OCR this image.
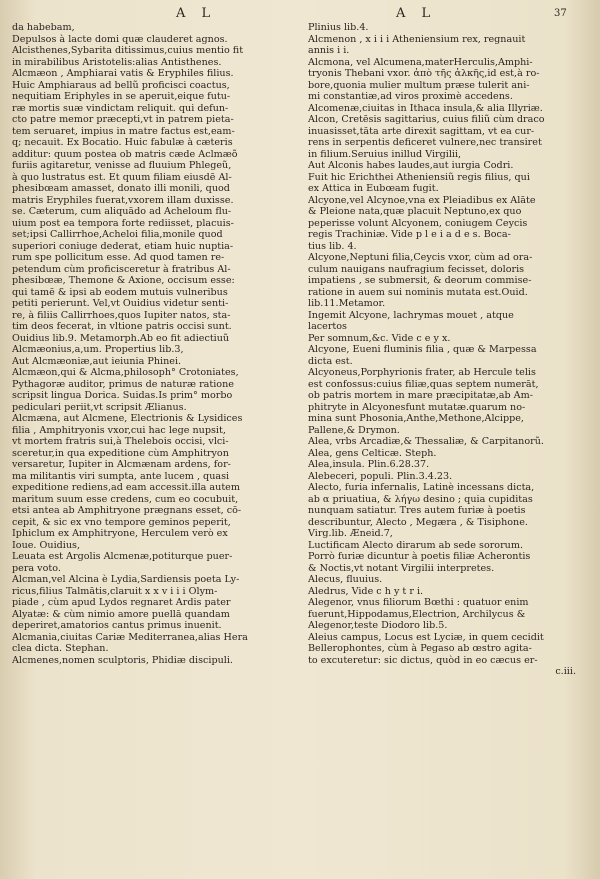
A L	A L	37
da habebam,
Depulsos à lacte domi quæ clauderet agnos.
Alcisthenes,Sybarita ditissimus,cuius mentio fit
in mirabilibus Aristotelis:alias Antisthenes.
Alcmæon , Amphiarai vatis & Eryphiles filius.
Huic Amphiaraus ad bellũ proficisci coactus,
nequitiam Eriphyles in se aperuit,eique futu-
ræ mortis suæ vindictam reliquit. qui defun-
cto patre memor præcepti,vt in patrem pieta-
tem seruaret, impius in matre factus est,eam-
q; necauit. Ex Bocatio. Huic fabulæ à cæteris
additur: quum postea ob matris cæde Aclmæõ
furiis agitaretur, venisse ad fluuium Phlegeũ,
à quo lustratus est. Et quum filiam eiusdē Al-
phesibœam amasset, donato illi monili, quod
matris Eryphiles fuerat,vxorem illam duxisse.
se. Cæterum, cum aliquādo ad Acheloum flu-
uium post ea tempora forte rediisset, placuis-
set;ipsi Callirrhoe,Acheloi filia,monile quod
superiori coniuge dederat, etiam huic nuptia-
rum spe pollicitum esse. Ad quod tamen re-
petendum cùm proficisceretur à fratribus Al-
phesibœæ, Themone & Axione, occisum esse:
qui tamē & ipsi ab eodem mutuis vulneribus
petiti perierunt. Vel,vt Ouidius videtur senti-
re, à filiis Callirrhoes,quos Iupiter natos, sta-
tim deos fecerat, in vltione patris occisi sunt.
Ouidius lib.9. Metamorph.Ab eo fit adiectiuũ
Alcmæonius,a,um. Propertius lib.3,
Aut Alcmæoniæ,aut ieiunia Phinei.
Alcmæon,qui & Alcma,philosoph° Crotoniates,
Pythagoræ auditor, primus de naturæ ratione
scripsit lingua Dorica. Suidas.Is prim° morbo
pediculari periit,vt scripsit Ælianus.
Alcmæna, aut Alcmene, Electrionis & Lysidices
filia , Amphitryonis vxor,cui hac lege nupsit,
vt mortem fratris sui,à Thelebois occisi, vlci-
sceretur,in qua expeditione cùm Amphitryon
versaretur, Iupiter in Alcmænam ardens, for-
ma militantis viri sumpta, ante lucem , quasi
expeditione rediens,ad eam accessit.illa autem
maritum suum esse credens, cum eo cocubuit,
etsi antea ab Amphitryone prægnans esset, cō-
cepit, & sic ex vno tempore geminos peperit,
Iphiclum ex Amphitryone, Herculem verò ex
Ioue. Ouidius,
Leuata est Argolis Alcmenæ,potiturque puer-
pera voto.
Alcman,vel Alcina è Lydia,Sardiensis poeta Ly-
ricus,filius Talmātis,claruit x x v i i i Olym-
piade , cùm apud Lydos regnaret Ardis pater
Alyatæ: & cùm nimio amore puellā quandam
deperiret,amatorios cantus primus inuenit.
Alcmania,ciuitas Cariæ Mediterranea,alias Hera
clea dicta. Stephan.
Alcmenes,nomen sculptoris, Phidiæ discipuli.
Plinius lib.4.
Alcmenon , x i i i Atheniensium rex, regnauit
annis i i.
Alcmona, vel Alcumena,materHerculis,Amphi-
tryonis Thebani vxor. ἀπὸ τῆς ἀλκῆς,id est,à ro-
bore,quonia mulier multum præse tulerit ani-
mi constantiæ,ad viros proximè accedens.
Alcomenæ,ciuitas in Ithaca insula,& alia Illyriæ.
Alcon, Cretēsis sagittarius, cuius filiũ cùm draco
inuasisset,tāta arte direxit sagittam, vt ea cur-
rens in serpentis deficeret vulnere,nec transiret
in filium.Seruius inillud Virgilii,
Aut Alconis habes laudes,aut iurgia Codri.
Fuit hic Erichthei Atheniensiũ regis filius, qui
ex Attica in Eubœam fugit.
Alcyone,vel Alcynoe,vna ex Pleiadibus ex Alāte
& Pleione nata,quæ placuit Neptuno,ex quo
peperisse volunt Alcyonem, coniugem Ceycis
regis Trachiniæ. Vide p l e i a d e s. Boca-
tius lib. 4.
Alcyone,Neptuni filia,Ceycis vxor, cùm ad ora-
culum nauigans naufragium fecisset, doloris
impatiens , se submersit, & deorum commise-
ratione in auem sui nominis mutata est.Ouid.
lib.11.Metamor.
Ingemit Alcyone, lachrymas mouet , atque
lacertos
Per somnum,&c. Vide c e y x.
Alcyone, Eueni fluminis filia , quæ & Marpessa
dicta est.
Alcyoneus,Porphyrionis frater, ab Hercule telis
est confossus:cuius filiæ,quas septem numerāt,
ob patris mortem in mare præcipitatæ,ab Am-
phitryte in Alcyonesfunt mutatæ.quarum no-
mina sunt Phosonia,Anthe,Methone,Alcippe,
Pallene,& Drymon.
Alea, vrbs Arcadiæ,& Thessaliæ, & Carpitanorũ.
Alea, gens Celticæ. Steph.
Alea,insula. Plin.6.28.37.
Alebeceri, populi. Plin.3.4.23.
Alecto, furia infernalis, Latinè incessans dicta,
ab α priuatiua, & λήγω desino ; quia cupiditas
nunquam satiatur. Tres autem furiæ à poetis
describuntur, Alecto , Megæra , & Tisiphone.
Virg.lib. Æneid.7,
Luctificam Alecto dirarum ab sede sororum.
Porrò furiæ dicuntur à poetis filiæ Acherontis
& Noctis,vt notant Virgilii interpretes.
Alecus, fluuius.
Aledrus, Vide c h y t r i.
Alegenor, vnus filiorum Bœthi : quatuor enim
fuerunt,Hippodamus,Electrion, Archilycus &
Alegenor,teste Diodoro lib.5.
Aleius campus, Locus est Lyciæ, in quem cecidit
Bellerophontes, cùm à Pegaso ab œstro agita-
to excuteretur: sic dictus, quòd in eo cæcus er-
c.iii.
